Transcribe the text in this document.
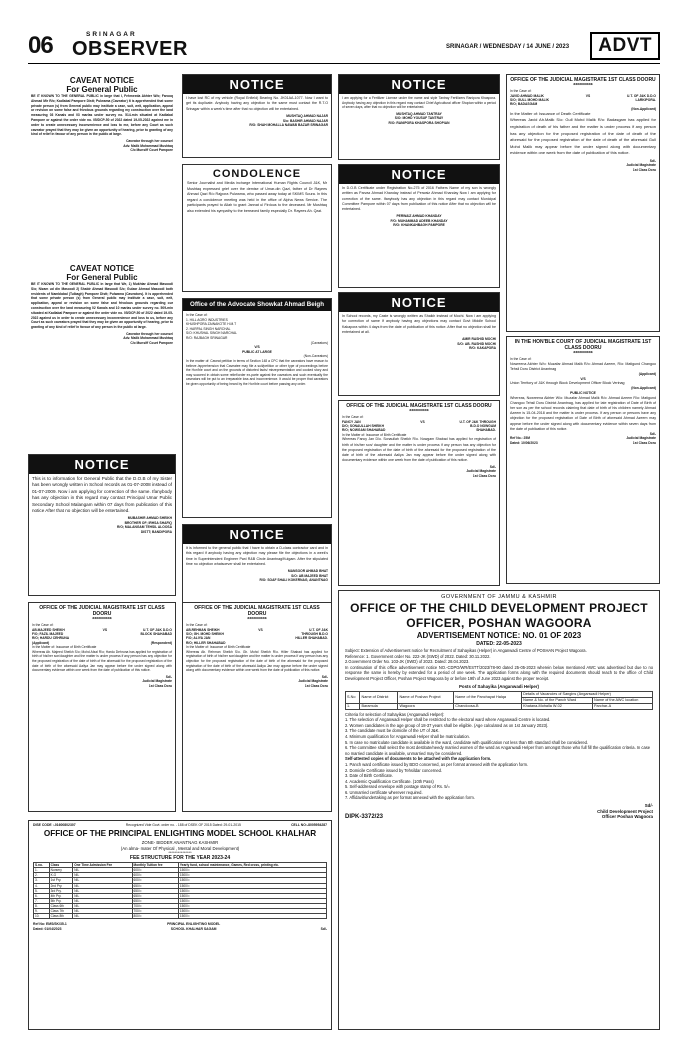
06	SRINAGAR
OBSERVER	SRINAGAR / WEDNESDAY / 14 JUNE / 2023	ADVT
CAVEAT NOTICE
For General Public
BE IT KNOWN TO THE GENERAL PUBLIC in large that I, Fehmeeda Akhter W/o; Farooq Ahmad Mir R/o; Kadlabal Pampore Distt; Pulwama (Caveator) It is apprehended that some private person (s) from General public may institute a case, suit, writ, application, appeal or revision on some false and frivolous grounds regarding my construction over the land measuring 03 Kanals and 03 marlas under survey no. 514-min situated at Kadlabal Pampore or against the order vide no. 05/DCP-50 of 2022 dated 19-05-2022 against me in order to create unnecessary inconvenience and loss to me, before any Court as such caveator prayed that they may be given an opportunity of hearing, prior to granting of any kind of relief in favour of any person in the public at large.
Caveator through her counsel
Adv. Malik Mohammad Mushtaq
C/o Munsiff Court Pampore
CAVEAT NOTICE
For General Public
BE IT KNOWN TO THE GENERAL PUBLIC in large that We, 1) Mukhtar Ahmad Masoodi S/o; Nizam ud din Masoodi 2) Shabir Ahmad Masoodi S/o; Gulzar Ahmad Masoodi both residents of Namblabal (Tulbagh) Pampore Distt; Pulwama (Caveators). It is apprehended that some private person (s) from General public may institute a case, suit, writ, application, appeal or revision on some false and frivolous grounds regarding our construction over the land measuring 02 Kanals and 10 marlas under survey no. 509-min situated at Kadlabal Pampore or against the order vide no. 05/DCP-50 of 2022 dated 19-05-2022 against us in order to create unnecessary inconvenience and loss to us, before any Court as such caveators prayed that they may be given an opportunity of hearing, prior to granting of any kind of relief in favour of any person in the public at large.
Caveator through her counsel
Adv. Malik Mohammad Mushtaq
C/o Munsiff Court Pampore
NOTICE
This is to information for General Public that the D.O.B of my Sister has been wrongly written in School records as 01-07-2008 instead of 01-07-2009. Now i am applying for correction of the same. Ifanybody has any objection in this regard may contact Principal Umar Public Secondary School Malangam within 07 days from publication of this notice After that no objection will be entertained.
MUBASHIR AHMAD SHEIKH
BROTHER OF; IRHSA SHAFIQ
R/O; MALANGAM TEHSIL ALOOSA
DISTT; BANDIPORA
OFFICE OF THE JUDICIAL MAGISTRATE 1ST CLASS DOORU
**********
In the Case of:
AB.MAJEED SHEIKH
F/O; FAZIL MAJEED
R/O; HARDU CEHRUNA
VS	U.T. OF J&K D.D.O
BLOCK SHAHABAD
(Applicant)	(Respondent)
In the Matter of: Issuance of Birth Certificate
Whereas Ab. Majeed Sheikh S/o; Mohd Afzal R/o; Hardu Dehruna has applied for registration of birth of his/her son/daughter and the matter is under process if any person has any objection for the proposed registration of the date of birth of the aforesaid for the proposed registration of the date of birth of the aforesaid Aaliya Jan may appear before the under signed along with documentary evidence within one week from the date of publication of this notice.
Sd/-
Judicial Magistrate
1st Class Doru
NOTICE
I have lost RC of my vehicle (Royal Enfield) Bearing No. JK01AA-1077. Now I want to get its duplicate. Anybody having any objection to the same must contact the R.T.O Srinagar within a week's time after that no objection will be entertained.
MUSHTAQ AHMAD NAJAR
S/o: BASHIR AHMAD NAJAR
R/O: SHAH MOHALLA NAWAB BAZAR SRINAGAR
CONDOLENCE
Senior Journalist and Media incharge International Human Rights Council J&K, Mr Mushtaq expressed grief over the demise of Umar-din Qazi, father of Dr Rayees Ahmad Qazi R/o Rajpora Pulwama, who passed away today at SKIMS Soura. In this regard a condolence meeting was held in the office of Alpha News Service. The participants prayed to Allah to grant Jannat ul Firdous to the deceased. Mr Mushtaq also extended his sympathy to the bereaved family especially Dr. Rayees Ah. Qazi.
Office of the Advocate Showkat Ahmad Beigh
In the Case of:
1. HILL AGRO INDUSTRIES
KHUSHPORA ZAINAKOTE H.M.T
2. HARPAL SINGH NARCHAL
S/O: KHUSHAL SINGH NARCHAL
R/O: RAJBAGH SRINAGAR
(Caveators)
V/S
PUBLIC AT LARGE
(Non-Caveators)
In the matter of: Caveat petition in terms of Section 148 a CPC that the caveators have reason to believe /apprehension that Caveatee may file a suit/petition or other type of proceedings before the Hon'ble court and on the grounds of distorted facts/ misrepresentation and cooked story and may succeed in obtain some relief/order ex-parte against the caveators and such eventually the caveators will be put to an irreparable loss and inconvenience. It would be proper that caveators be given opportunity of being heard by the Hon'ble court before passing any order.
NOTICE
It is informed to the general public that I have to obtain a D-class contractor card and in this regard if anybody having any objection may please file the objections in a week's time in Superintendent Engineer Pwd R&B Circle Anantnag/Kulgam. After the stipulated time no objection whatsoever shall be entertained.
MANSOOR AHMAD BHAT
S/O: AB MAJEED BHAT
R/O: SOAF SHALI KOKERNAG, ANANTNAG
OFFICE OF THE JUDICIAL MAGISTRATE 1ST CLASS DOORU
**********
In the Case of:
AB.REHMAN SHEIKH
S/O; GH. MOHD SHEIKH
F/O; ALIYA JAN
R/O; HILLER SHAHABAD
VS	U.T. OF J&K
THROUGH B.D.O
HILLER SHAHABAD.
In the Matter of: Issuance of Birth Certificate
Whereas Ab. Rehman Sheikh S/o. Gh. Mohd Sheikh R/o. Hiller Shabad has applied for registration of birth of his/her son/daughter and the matter is under process if any person has any objection for the proposed registration of the date of birth of the aforesaid for the proposed registration of the date of birth of the aforesaid Aaliya Jan may appear before the under signed along with documentary evidence within one week from the date of publication of this notice.
Sd/-
Judicial Magistrate
1st Class Doru
NOTICE
I am applying for a Fertilizer License under the name and style Tantray Fertilizers Ranipora Khaspora. Anybody having any objection in this regard may contact Chief Agricultural officer Shopian within a period of seven days, after that no objection will be entertained.
MUSHTAQ AHMAD TANTRAY
S/O: MOHD YOUSUF TANTRAY
R/O: RANIPORA KHASPORA SHOPIAN
NOTICE
In D.O.B Certificate under Registration No-275 of 2016 Fathers Name of my son is wrongly written as Parvaz Ahmad Khanday instead of Perwaiz Ahmad Khanday Now I am applying for correction of the same. Ifanybody has any objection in this regard may contact Municipal Committee Pampore within 07 days from publication of this notice After that no objection will be entertained.
PERWAIZ AHMAD KHANDAY
F/O: MUHAMMAD ADEEB KHANDAY
R/O: KHANKAHBAGH PAMPORE
NOTICE
In School records, my Caste is wrongly written as Shaikh instead of Mochi. Now i am applying for correction of same If anybody having any objections may contact Govt Middle School Kakapora within 4 days from the date of publication of this notice. After that no objection shall be entertained at all.
AMIR RASHID MOCHI
S/O: AB. RASHID MOCHI
R/O: KAKAPORA
OFFICE OF THE JUDICIAL MAGISTRATE 1ST CLASS DOORU
**********
In the Case of:
FANCY JAN
D/O; SONAULLAH SHEIKH
R/O; NOWGAM SHAHABAD
VS	U.T. OF J&K THROUGH
B.D.O NOWGAM
SHAHABAD.
In the Matter of: Issuance of Birth Certificate
Whereas Fancy Jan D/o. Sonaullah Sheikh R/o. Nowgam Shabad has applied for registration of birth of his/her son/ daughter and the matter is under process if any person has any objection for the proposed registration of the date of birth of the aforesaid for the proposed registration of the date of birth of the aforesaid Aaliya Jan may appear before the under signed along with documentary evidence within one week from the date of publication of this notice.
Sd/-
Judicial Magistrate
1st Class Doru
OFFICE OF THE JUDICIAL MAGISTRATE 1ST CLASS DOORU
**********
In the Case of:
JAVID AHMAD MALIK
S/O; GULL MOHD MALIK
R/O; BADASGAM
VS	U.T. OF J&K D.D.O
LARKIPORA.
(Non-Applicant)
In the Matter of: Issuance of Death Certificate
Whereas Javid Ah.Malik S/o: Gull Mohd Malik R/o: Badasgam has applied for registration of death of his father and the matter is under process if any person has any objection for the proposed registration of the date of death of the aforesaid for the proposed registration of the date of death of the aforesaid Gull Mohd Malik may appear before the under signed along with documentary evidence within one week from the date of publication of this notice.
Sd/-
Judicial Magistrate
1st Class Doru
IN THE HON'BLE COURT OF JUDICIAL MAGISTRATE 1ST CLASS DOORU
**********
In the Case of:
Nowreena Akhter W/o: Muzafar Ahmad Malik R/o: Ahmad Azeem, R/o: Matigund Changoo Tehsil Doru District Anantnag
(Applicant)
V/S
Union Territory of J&K through Block Development Officer Block Verinag
(Non-Applicant)
PUBLIC NOTICE
Whereas, Nowreena Akhter W/o: Muzafar Ahmad Malik R/o: Ahmad Azeem R/o: Matigund Changoo Tehsil Doru District Anantnag, has applied for late registration of Date of Birth of her son as per the school records claiming that date of birth of his children namely Ahmad Azeem is 15-04-2018 and the matter is under process. If any person or persons have any objection for the proposed registration of Date of Birth of aforesaid Ahmad Azeem may appear before the under signed along with documentary evidence within seven days from the date of publication of this notice.
Sd/-
Ref No.: 25M	Judicial Magistrate
Dated: 10/06/2023	1st Class Doru
GOVERNMENT OF JAMMU & KASHMIR
OFFICE OF THE CHILD DEVELOPMENT PROJECT
OFFICER, POSHAN WAGOORA
ADVERTISEMENT NOTICE: NO. 01 OF 2023
DATED: 22-05-2023
Subject: Extension of Advertisement notice for Recruitment of Sahayikas (Helper) in Anganwadi Centre of POSHAN Project Wagoora.
Reference: 1. Government order No. 222-JK (SWD) of 2022. Dated: 30.11.2022.
2.Government Order No. 103-JK (SWD) of 2023. Dated: 28.04.2023.
In continuation of this office advertisement notice NO.-CDPO/WR/ESTT/2023/78-90 dated 25-05-2023 wherein below mentioned AWC was advertised but due to no response the same is hereby by extended for a period of one week. The application forms along with the required documents should reach to the office of Child Development Project Officer, Poshan Project Wagoora by or before 19th of June 2023 against the proper receipt.
Posts of Sahayika (Anganwadi Helper)
S.No	Name of District	Name of Poshan Project	Name of the Panchayat Halqa	Details of Vacancies of Sangins (Anganwadi Helper)	
				Name & No. of the Panch Ward	Name of the AWC location
1.	Baramula	Wagoora	Chandoosa-B	Khatana-Mohalla W-02	Parchar-A
Criteria for selection of Sahayikas (Anganwadi Helper):
1. The selection of Anganwadi Helper shall be restricted to the electoral ward where Anganwadi Centre is located.
2. Women candidates in the age group of 18-37 years shall be eligible. (Age calculated as on 1st January 2023).
3. The candidate must be domicile of the UT of J&K.
4. Minimum qualification for Anganwadi Helper shall be matriculation.
5. In case no matriculate candidate is available in the ward, candidate with qualification not less than 8th standard shall be considered.
6. The committee shall select the most destitute/needy married women of the ward as Anganwadi Helper from amongst those who full fill the qualification criteria. In case no married candidate is available, unmarried may be considered.
Self-attested copies of documents to be attached with the application form.
1. Panch ward certificate issued by BDO concerned, as per format annexed with the application form.
2. Domicile Certificate issued by Tehsildar concerned.
3. Date of Birth Certificate.
4. Academic Qualification Certificate. (10th Pass)
5. Self-addressed envelope with postage stamp of Rs. 5/=
6. Unmarried certificate wherever required.
7. Affidavit/undertaking as per format annexed with the application form.
DIPK-3372/23
Sd/-
Child Development Project
Officer Poshan Wagoora
DISE CODE :-01600802307	Recognized Vide Govt. order no. - 188 of DSEK OF 2015 Dated: 29-01-2015	CELL NO:-8005954287
OFFICE OF THE PRINCIPAL ENLIGHTING MODEL SCHOOL KHALHAR
ZONE- BIDDER ANANTNAG KASHMIR
(An alma- mater Of Physical , Mental and Moral Development)
***************
FEE STRUCTURE FOR THE YEAR 2023-24
S.no.	Class	One Time Admission Fee	Monthly Tuition fee	Yearly fund, school maintenance, Games, Red cross, printing etc.
1.	Nursery	NIL	600/=	1500/=
2.	K.G	NIL	600/=	1500/=
3.	1st Pry.	NIL	600/=	1500/=
4.	2nd Pry.	NIL	650/=	1500/=
5.	3rd Pry.	NIL	650/=	1500/=
6.	4th Pry.	NIL	650/=	1500/=
7.	5th Pry.	NIL	650/=	1500/=
8.	Class 6th	NIL	700/=	1500/=
9.	Class 7th	NIL	700/=	1500/=
10.	Class 8th	NIL	800/=	1500/=
Ref No: EMS/SK/35-1
Dated: 01/04/2023
PRINCIPAL ENLIGHTING MODEL
SCHOOL KHALHAR SAGAM	Sd/-
